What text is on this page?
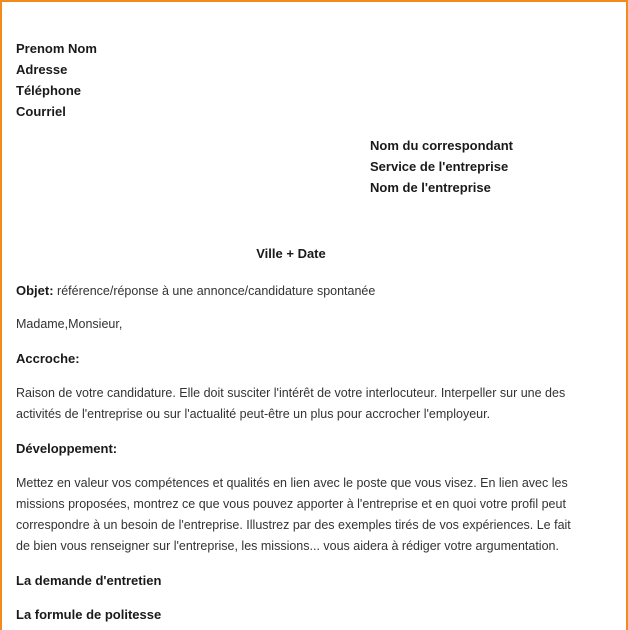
Prenom Nom
Adresse
Téléphone
Courriel
Nom du correspondant
Service de l'entreprise
Nom de l'entreprise
Ville + Date
Objet: référence/réponse à une annonce/candidature spontanée
Madame,Monsieur,
Accroche:
Raison de votre candidature. Elle doit susciter l'intérêt de votre interlocuteur. Interpeller sur une des
activités de l'entreprise ou sur l'actualité peut-être un plus pour accrocher l'employeur.
Développement:
Mettez en valeur vos compétences et qualités en lien avec le poste que vous visez. En lien avec les
missions proposées, montrez ce que vous pouvez apporter à l'entreprise et en quoi votre profil peut
correspondre à un besoin de l'entreprise. Illustrez par des exemples tirés de vos expériences. Le fait
de bien vous renseigner sur l'entreprise, les missions... vous aidera à rédiger votre argumentation.
La demande d'entretien
La formule de politesse
